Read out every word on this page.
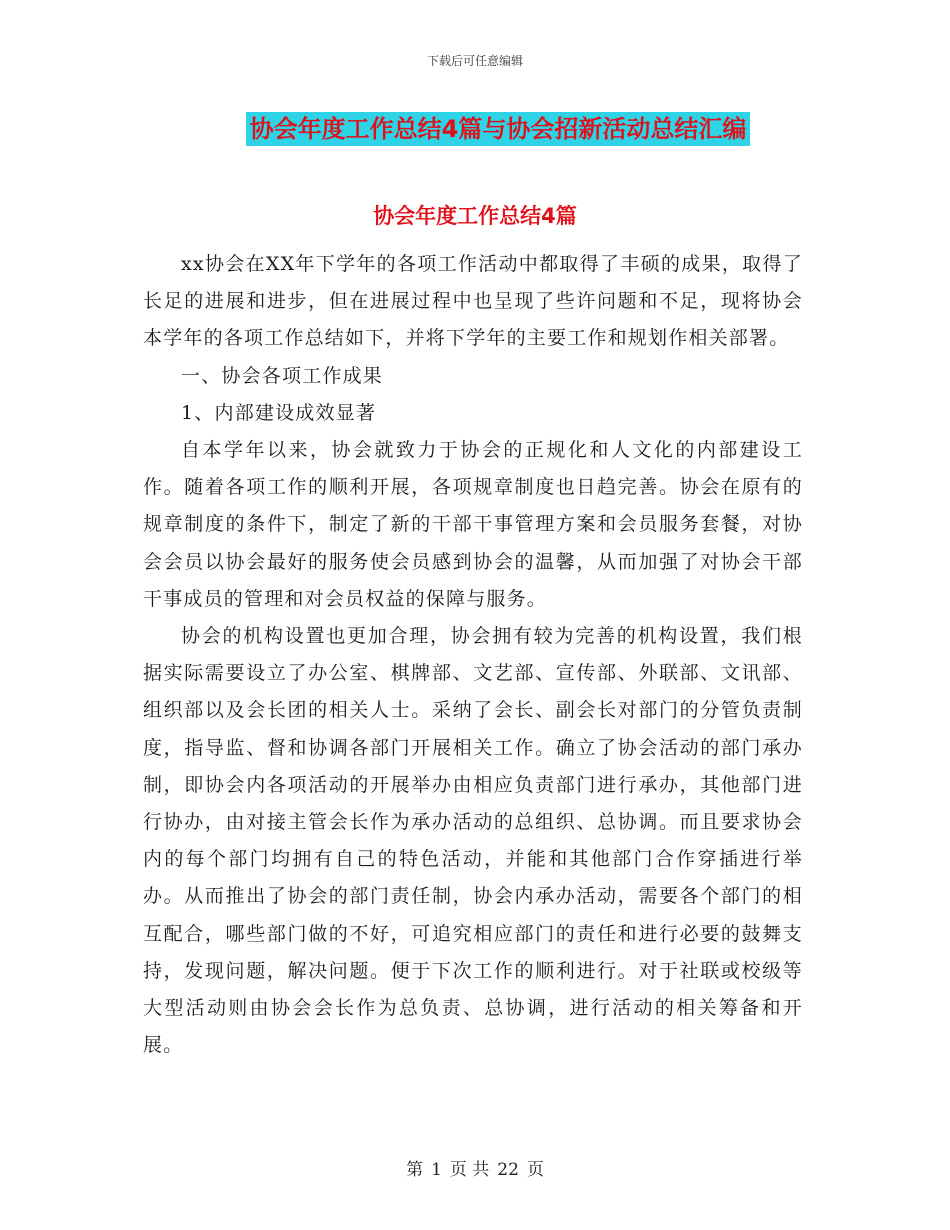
下载后可任意编辑
协会年度工作总结4篇与协会招新活动总结汇编
协会年度工作总结4篇

xx协会在XX年下学年的各项工作活动中都取得了丰硕的成果，取得了长足的进展和进步，但在进展过程中也呈现了些许问题和不足，现将协会本学年的各项工作总结如下，并将下学年的主要工作和规划作相关部署。

一、协会各项工作成果

1、内部建设成效显著

自本学年以来，协会就致力于协会的正规化和人文化的内部建设工作。随着各项工作的顺利开展，各项规章制度也日趋完善。协会在原有的规章制度的条件下，制定了新的干部干事管理方案和会员服务套餐，对协会会员以协会最好的服务使会员感到协会的温馨，从而加强了对协会干部干事成员的管理和对会员权益的保障与服务。

协会的机构设置也更加合理，协会拥有较为完善的机构设置，我们根据实际需要设立了办公室、棋牌部、文艺部、宣传部、外联部、文讯部、组织部以及会长团的相关人士。采纳了会长、副会长对部门的分管负责制度，指导监、督和协调各部门开展相关工作。确立了协会活动的部门承办制，即协会内各项活动的开展举办由相应负责部门进行承办，其他部门进行协办，由对接主管会长作为承办活动的总组织、总协调。而且要求协会内的每个部门均拥有自己的特色活动，并能和其他部门合作穿插进行举办。从而推出了协会的部门责任制，协会内承办活动，需要各个部门的相互配合，哪些部门做的不好，可追究相应部门的责任和进行必要的鼓舞支持，发现问题，解决问题。便于下次工作的顺利进行。对于社联或校级等大型活动则由协会会长作为总负责、总协调，进行活动的相关筹备和开展。

第 1 页 共 22 页
